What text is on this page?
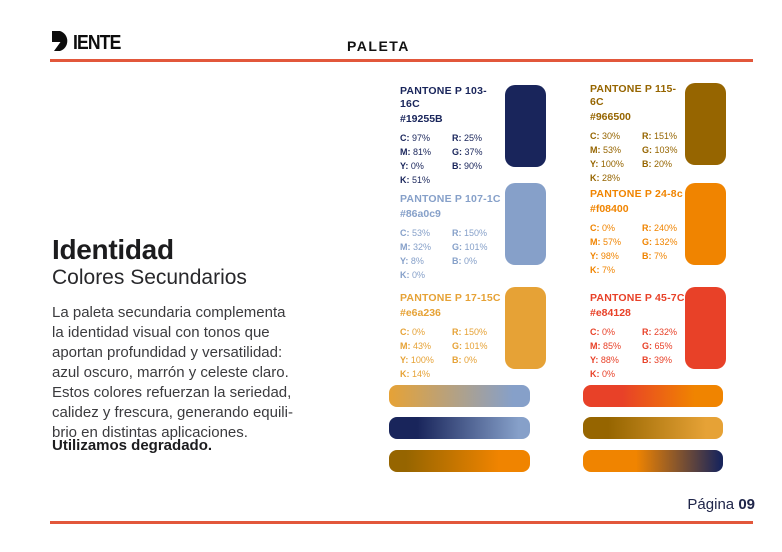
IENTE	PALETA
Identidad
Colores Secundarios
La paleta secundaria complementa
la identidad visual con tonos que
aportan profundidad y versatilidad:
azul oscuro, marrón y celeste claro.
Estos colores refuerzan la seriedad,
calidez y frescura, generando equili-
brio en distintas aplicaciones.
Utilizamos degradado.
PANTONE P 103-16C
#19255B
C: 97%
M: 81%
Y: 0%
K: 51%
R: 25%
G: 37%
B: 90%
PANTONE P 115-6C
#966500
C: 30%
M: 53%
Y: 100%
K: 28%
R: 151%
G: 103%
B: 20%
PANTONE P 107-1C
#86a0c9
C: 53%
M: 32%
Y: 8%
K: 0%
R: 150%
G: 101%
B: 0%
PANTONE P 24-8c
#f08400
C: 0%
M: 57%
Y: 98%
K: 7%
R: 240%
G: 132%
B: 7%
PANTONE P 17-15C
#e6a236
C: 0%
M: 43%
Y: 100%
K: 14%
R: 150%
G: 101%
B: 0%
PANTONE P 45-7C
#e84128
C: 0%
M: 85%
Y: 88%
K: 0%
R: 232%
G: 65%
B: 39%
Página 09
